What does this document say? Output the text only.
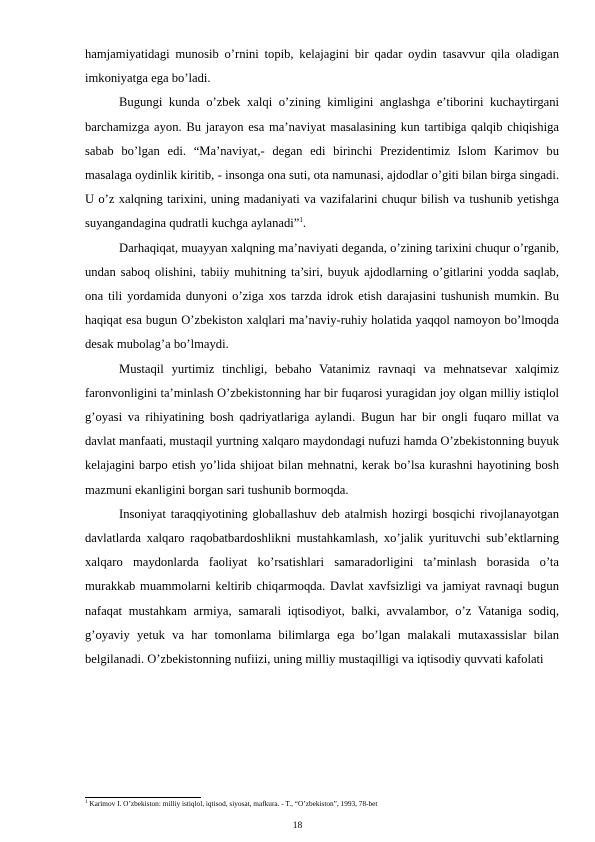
hamjamiyatidagi munosib o’rnini topib, kelajagini bir qadar oydin tasavvur qila oladigan imkoniyatga ega bo’ladi.

Bugungi kunda o’zbek xalqi o’zining kimligini anglashga e’tiborini kuchaytirgani barchamizga ayon. Bu jarayon esa ma’naviyat masalasining kun tartibiga qalqib chiqishiga sabab bo’lgan edi. “Ma’naviyat,- degan edi birinchi Prezidentimiz Islom Karimov bu masalaga oydinlik kiritib, - insonga ona suti, ota namunasi, ajdodlar o’giti bilan birga singadi. U o’z xalqning tarixini, uning madaniyati va vazifalarini chuqur bilish va tushunib yetishga suyangandagina qudratli kuchga aylanadi”$^1$.

Darhaqiqat, muayyan xalqning ma’naviyati deganda, o’zining tarixini chuqur o’rganib, undan saboq olishini, tabiiy muhitning ta’siri, buyuk ajdodlarning o’gitlarini yodda saqlab, ona tili yordamida dunyoni o’ziga xos tarzda idrok etish darajasini tushunish mumkin. Bu haqiqat esa bugun O’zbekiston xalqlari ma’naviy-ruhiy holatida yaqqol namoyon bo’lmoqda desak mubolag’a bo’lmaydi.

Mustaqil yurtimiz tinchligi, bebaho Vatanimiz ravnaqi va mehnatsevar xalqimiz faronvonligini ta’minlash O’zbekistonning har bir fuqarosi yuragidan joy olgan milliy istiqlol g’oyasi va rihiyatining bosh qadriyatlariga aylandi. Bugun har bir ongli fuqaro millat va davlat manfaati, mustaqil yurtning xalqaro maydondagi nufuzi hamda O’zbekistonning buyuk kelajagini barpo etish yo’lida shijoat bilan mehnatni, kerak bo’lsa kurashni hayotining bosh mazmuni ekanligini borgan sari tushunib bormoqda.

Insoniyat taraqqiyotining globallashuv deb atalmish hozirgi bosqichi rivojlanayotgan davlatlarda xalqaro raqobatbardoshlikni mustahkamlash, xo’jalik yurituvchi sub’ektlarning xalqaro maydonlarda faoliyat ko’rsatishlari samaradorligini ta’minlash borasida o’ta murakkab muammolarni keltirib chiqarmoqda. Davlat xavfsizligi va jamiyat ravnaqi bugun nafaqat mustahkam armiya, samarali iqtisodiyot, balki, avvalambor, o’z Vataniga sodiq, g’oyaviy yetuk va har tomonlama bilimlarga ega bo’lgan malakali mutaxassislar bilan belgilanadi. O’zbekistonning nufiizi, uning milliy mustaqilligi va iqtisodiy quvvati kafolati

$^1$ Karimov I. O’zbekiston: milliy istiqlol, iqtisod, siyosat, mafkura. - T., “O’zbekiston”, 1993, 78-bet
18
